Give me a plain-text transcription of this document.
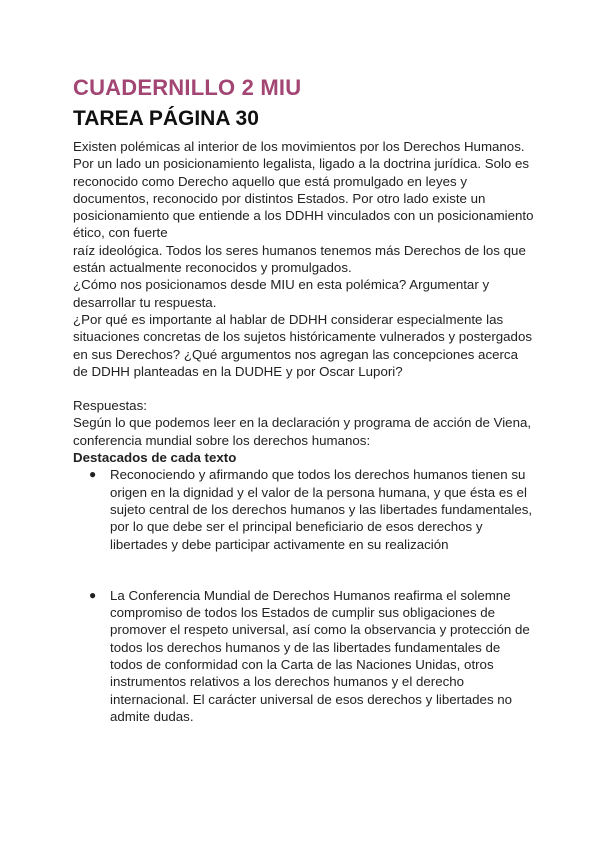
CUADERNILLO 2 MIU
TAREA PÁGINA 30
Existen polémicas al interior de los movimientos por los Derechos Humanos.
Por un lado un posicionamiento legalista, ligado a la doctrina jurídica. Solo es
reconocido como Derecho aquello que está promulgado en leyes y
documentos, reconocido por distintos Estados. Por otro lado existe un
posicionamiento que entiende a los DDHH vinculados con un posicionamiento
ético, con fuerte
raíz ideológica. Todos los seres humanos tenemos más Derechos de los que
están actualmente reconocidos y promulgados.
¿Cómo nos posicionamos desde MIU en esta polémica? Argumentar y
desarrollar tu respuesta.
¿Por qué es importante al hablar de DDHH considerar especialmente las
situaciones concretas de los sujetos históricamente vulnerados y postergados
en sus Derechos? ¿Qué argumentos nos agregan las concepciones acerca
de DDHH planteadas en la DUDHE y por Oscar Lupori?
Respuestas:
Según lo que podemos leer en la declaración y programa de acción de Viena,
conferencia mundial sobre los derechos humanos:
Destacados de cada texto
● Reconociendo y afirmando que todos los derechos humanos tienen su
origen en la dignidad y el valor de la persona humana, y que ésta es el
sujeto central de los derechos humanos y las libertades fundamentales,
por lo que debe ser el principal beneficiario de esos derechos y
libertades y debe participar activamente en su realización
● La Conferencia Mundial de Derechos Humanos reafirma el solemne
compromiso de todos los Estados de cumplir sus obligaciones de
promover el respeto universal, así como la observancia y protección de
todos los derechos humanos y de las libertades fundamentales de
todos de conformidad con la Carta de las Naciones Unidas, otros
instrumentos relativos a los derechos humanos y el derecho
internacional. El carácter universal de esos derechos y libertades no
admite dudas.
